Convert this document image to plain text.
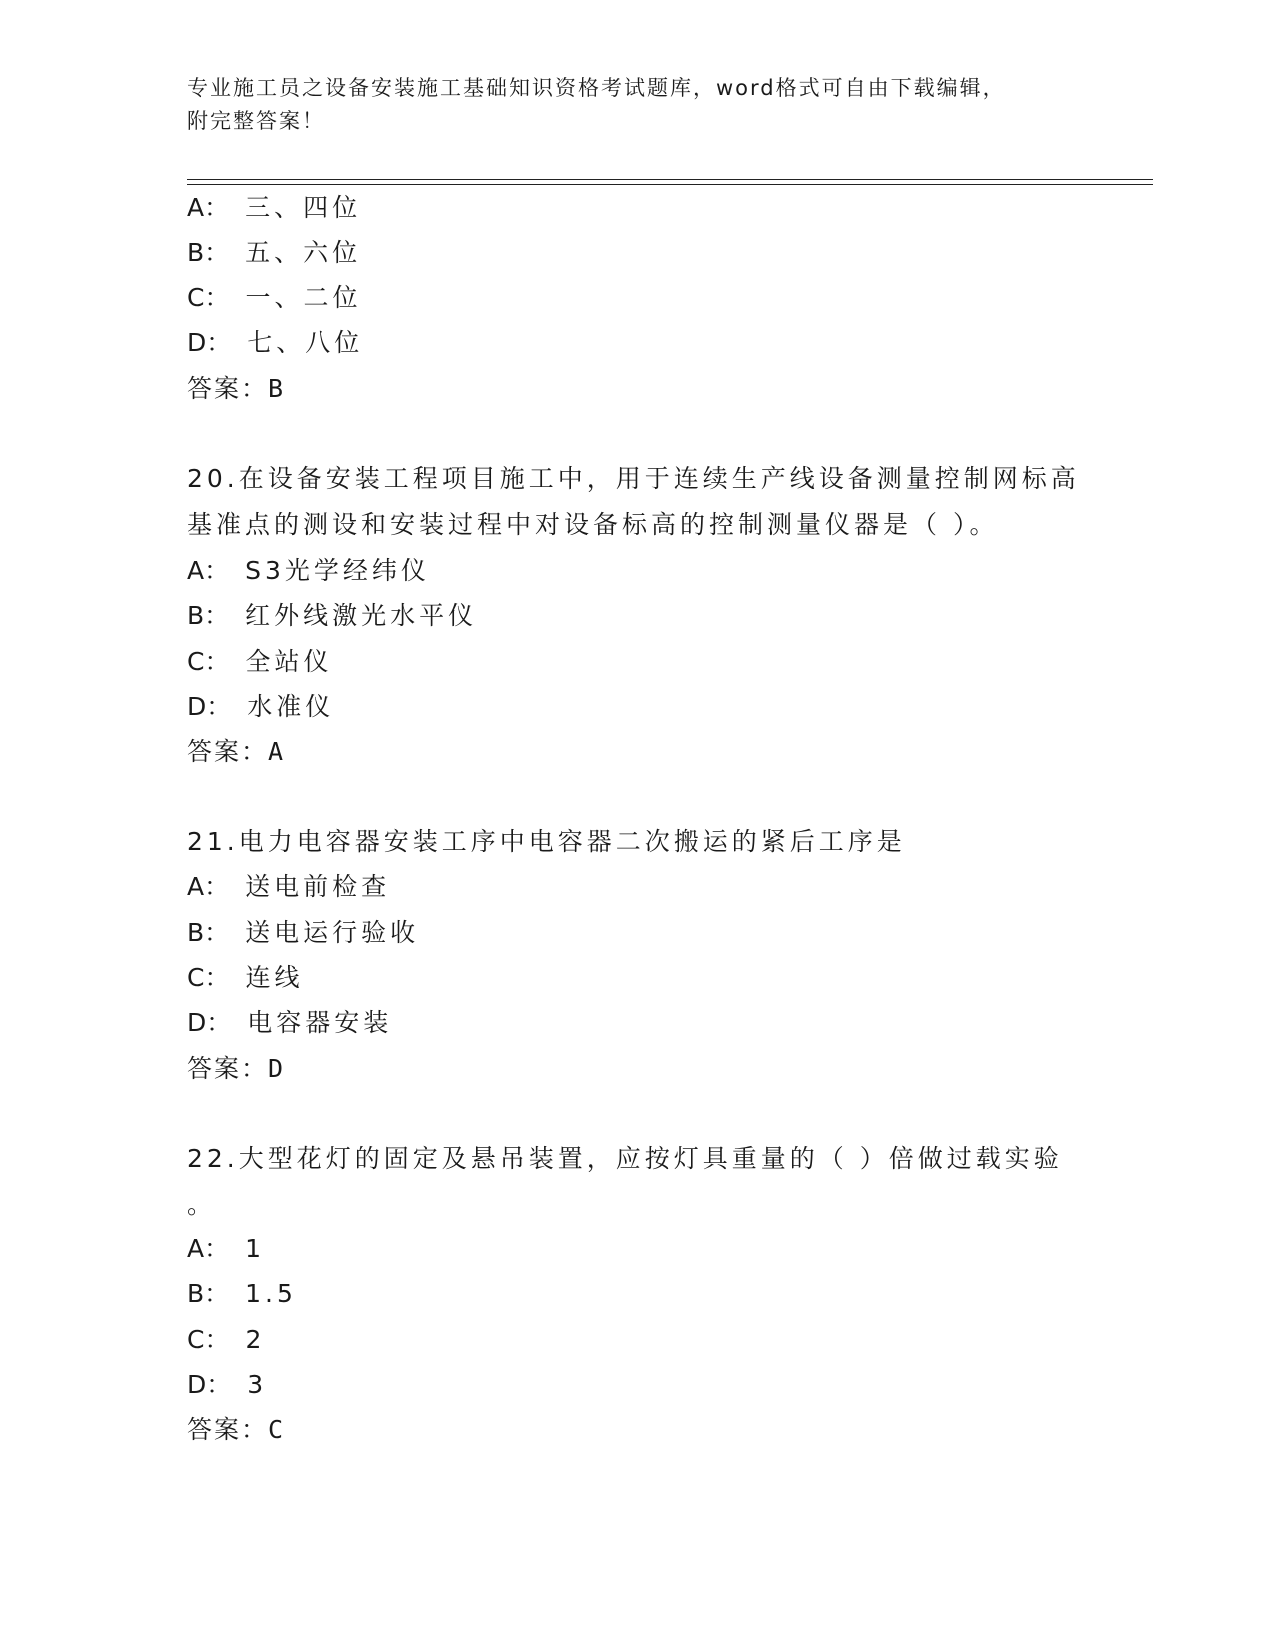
专业施工员之设备安装施工基础知识资格考试题库，word格式可自由下载编辑，
附完整答案！
A： 三、四位
B： 五、六位
C： 一、二位
D： 七、八位
答案：B
20.在设备安装工程项目施工中，用于连续生产线设备测量控制网标高
基准点的测设和安装过程中对设备标高的控制测量仪器是（ ）。
A： S3光学经纬仪
B： 红外线激光水平仪
C： 全站仪
D： 水准仪
答案：A
21.电力电容器安装工序中电容器二次搬运的紧后工序是
A： 送电前检查
B： 送电运行验收
C： 连线
D： 电容器安装
答案：D
22.大型花灯的固定及悬吊装置，应按灯具重量的（ ）倍做过载实验
。
A： 1
B： 1.5
C： 2
D： 3
答案：C
